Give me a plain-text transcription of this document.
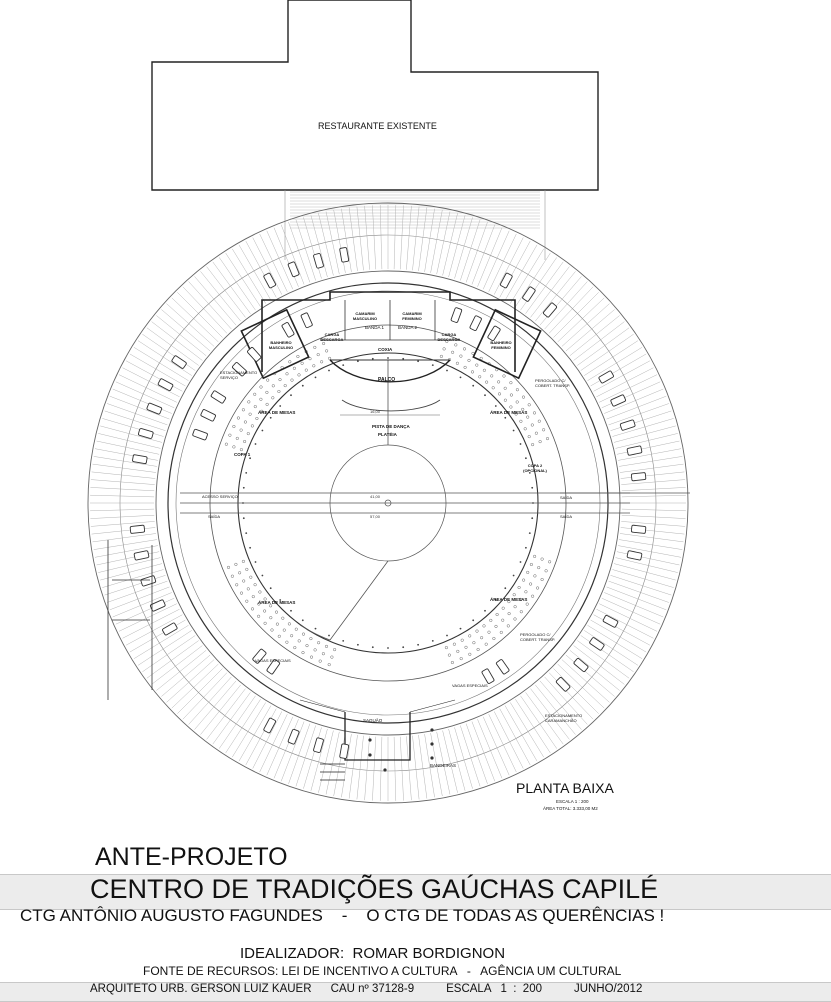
16,00
41,00
57,00
RESTAURANTE EXISTENTE
PALCO
COXIA
BANDA 1	BANDA 2
CAMARIM MASCULINO
CAMARIM FEMININO
CARGA DESCARGA
CARGA DESCARGA
BANHEIRO MASCULINO
BANHEIRO FEMININO
PISTA DE DANÇA
PLATÉIA
ÁREA DE MESAS	ÁREA DE MESAS
ÁREA DE MESAS
ÁREA DE MESAS
COPA 1
COPA 2 (OPCIONAL)
ACESSO SERVIÇO
SAÍDA
SAÍDA
SAÍDA
ESTACIONAMENTO SERVIÇO
PERGOLADO C/ COBERT. TRANSP.
PERGOLADO C/ COBERT. TRANSP.
ESTACIONAMENTO CARAMANCHÃO
SAGUÃO
BANDEIRAS
VAGAS ESPECIAIS
VAGAS ESPECIAIS
PLANTA BAIXA
ESCALA 1 : 200
ÁREA TOTAL: 3.333,00 M2
ANTE-PROJETO
CENTRO DE TRADIÇÕES GAÚCHAS CAPILÉ
CTG ANTÔNIO AUGUSTO FAGUNDES    -    O CTG DE TODAS AS QUERÊNCIAS !
IDEALIZADOR:  ROMAR BORDIGNON
FONTE DE RECURSOS: LEI DE INCENTIVO A CULTURA   -   AGÊNCIA UM CULTURAL
ARQUITETO URB. GERSON LUIZ KAUER      CAU nº 37128-9          ESCALA   1  :  200          JUNHO/2012
